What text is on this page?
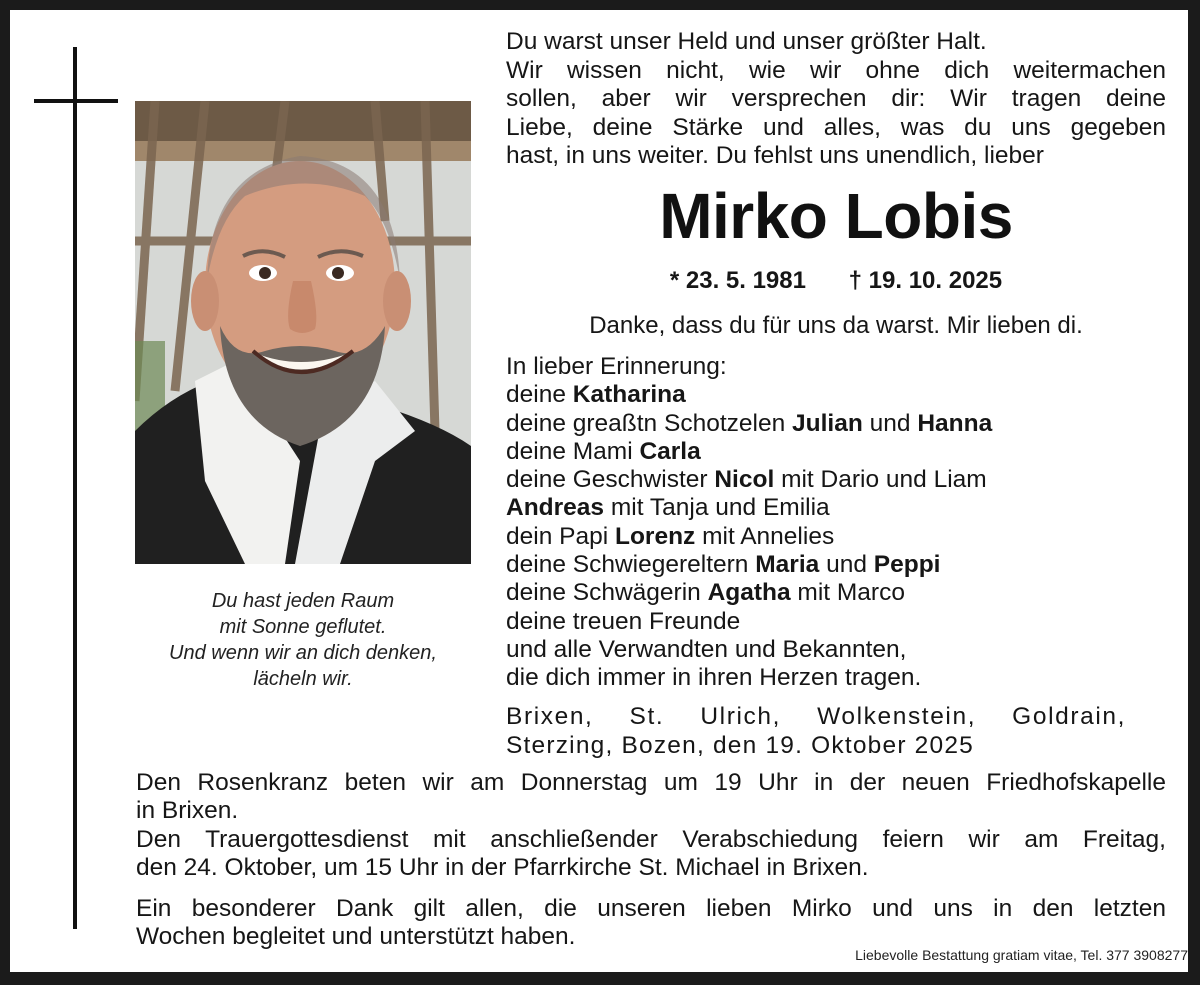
Du hast jeden Raum
mit Sonne geflutet.
Und wenn wir an dich denken,
lächeln wir.
Du warst unser Held und unser größter Halt.
Wir wissen nicht, wie wir ohne dich weitermachen
sollen, aber wir versprechen dir: Wir tragen deine
Liebe, deine Stärke und alles, was du uns gegeben
hast, in uns weiter. Du fehlst uns unendlich, lieber
Mirko Lobis
* 23. 5. 1981 † 19. 10. 2025
Danke, dass du für uns da warst. Mir lieben di.
In lieber Erinnerung:
deine Katharina
deine greaßtn Schotzelen Julian und Hanna
deine Mami Carla
deine Geschwister Nicol mit Dario und Liam
Andreas mit Tanja und Emilia
dein Papi Lorenz mit Annelies
deine Schwiegereltern Maria und Peppi
deine Schwägerin Agatha mit Marco
deine treuen Freunde
und alle Verwandten und Bekannten,
die dich immer in ihren Herzen tragen.
Brixen, St. Ulrich, Wolkenstein, Goldrain,
Sterzing, Bozen, den 19. Oktober 2025
Den Rosenkranz beten wir am Donnerstag um 19 Uhr in der neuen Friedhofskapelle
in Brixen.
Den Trauergottesdienst mit anschließender Verabschiedung feiern wir am Freitag,
den 24. Oktober, um 15 Uhr in der Pfarrkirche St. Michael in Brixen.
Ein besonderer Dank gilt allen, die unseren lieben Mirko und uns in den letzten
Wochen begleitet und unterstützt haben.
Liebevolle Bestattung gratiam vitae, Tel. 377 3908277
